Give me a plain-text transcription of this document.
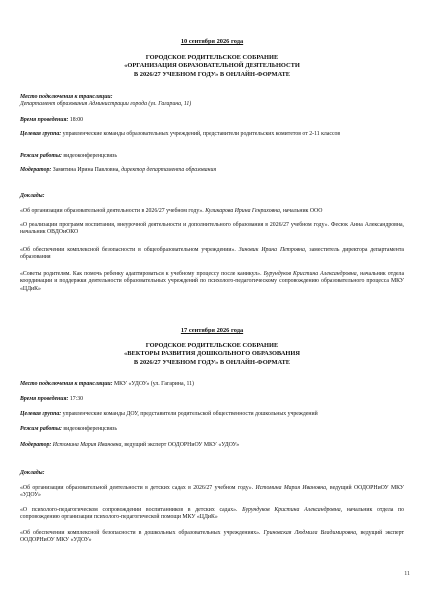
10 сентября 2026 года
ГОРОДСКОЕ РОДИТЕЛЬСКОЕ СОБРАНИЕ
«ОРГАНИЗАЦИЯ ОБРАЗОВАТЕЛЬНОЙ ДЕЯТЕЛЬНОСТИ
В 2026/27 УЧЕБНОМ ГОДУ» В ОНЛАЙН-ФОРМАТЕ
Место подключения к трансляции:
Департамент образования Администрации города (ул. Гагарина, 11)
Время проведения: 18:00
Целевая группа: управленческие команды образовательных учреждений, представители родительских комитетов от 2-11 классов
Режим работы: видеоконференцсвязь
Модератор: Замятина Ирина Павловна, директор департамента образования
Доклады:
«Об организации образовательной деятельности в 2026/27 учебном году». Куликарова Ирина Генриховна, начальник ООО
«О реализации программ воспитания, внеурочной деятельности и дополнительного образования в 2026/27 учебном году». Фесюк Анна Александровна, начальник ОВДОиОКО
«Об обеспечении комплексной безопасности в общеобразовательном учреждении». Зиновик Ирина Петровна, заместитель директора департамента образования
«Советы родителям. Как помочь ребенку адаптироваться к учебному процессу после каникул». Бурундуков Кристина Александровна, начальник отдела координации и поддержки деятельности образовательных учреждений по психолого-педагогическому сопровождению образовательного процесса МКУ «ЦДиК»
17 сентября 2026 года
ГОРОДСКОЕ РОДИТЕЛЬСКОЕ СОБРАНИЕ
«ВЕКТОРЫ РАЗВИТИЯ ДОШКОЛЬНОГО ОБРАЗОВАНИЯ
В 2026/27 УЧЕБНОМ ГОДУ» В ОНЛАЙН-ФОРМАТЕ
Место подключения к трансляции: МКУ «УДОУ» (ул. Гагарина, 11)
Время проведения: 17:30
Целевая группа: управленческие команды ДОУ, представители родительской общественности дошкольных учреждений
Режим работы: видеоконференцсвязь
Модератор: Истомина Мария Ивановна, ведущий эксперт ООДОРНиОУ МКУ «УДОУ»
Доклады:
«Об организации образовательной деятельности в детских садах в 2026/27 учебном году». Истомина Мария Ивановна, ведущий ООДОРНиОУ МКУ «УДОУ»
«О психолого-педагогическом сопровождении воспитанников в детских садах». Бурундуков Кристина Александровна, начальник отдела по сопровождению организации психолого-педагогической помощи МКУ «ЦДиК»
«Об обеспечении комплексной безопасности в дошкольных образовательных учреждениях». Гриновская Людмила Владимировна, ведущий эксперт ООДОРНиОУ МКУ «УДОУ»
11
